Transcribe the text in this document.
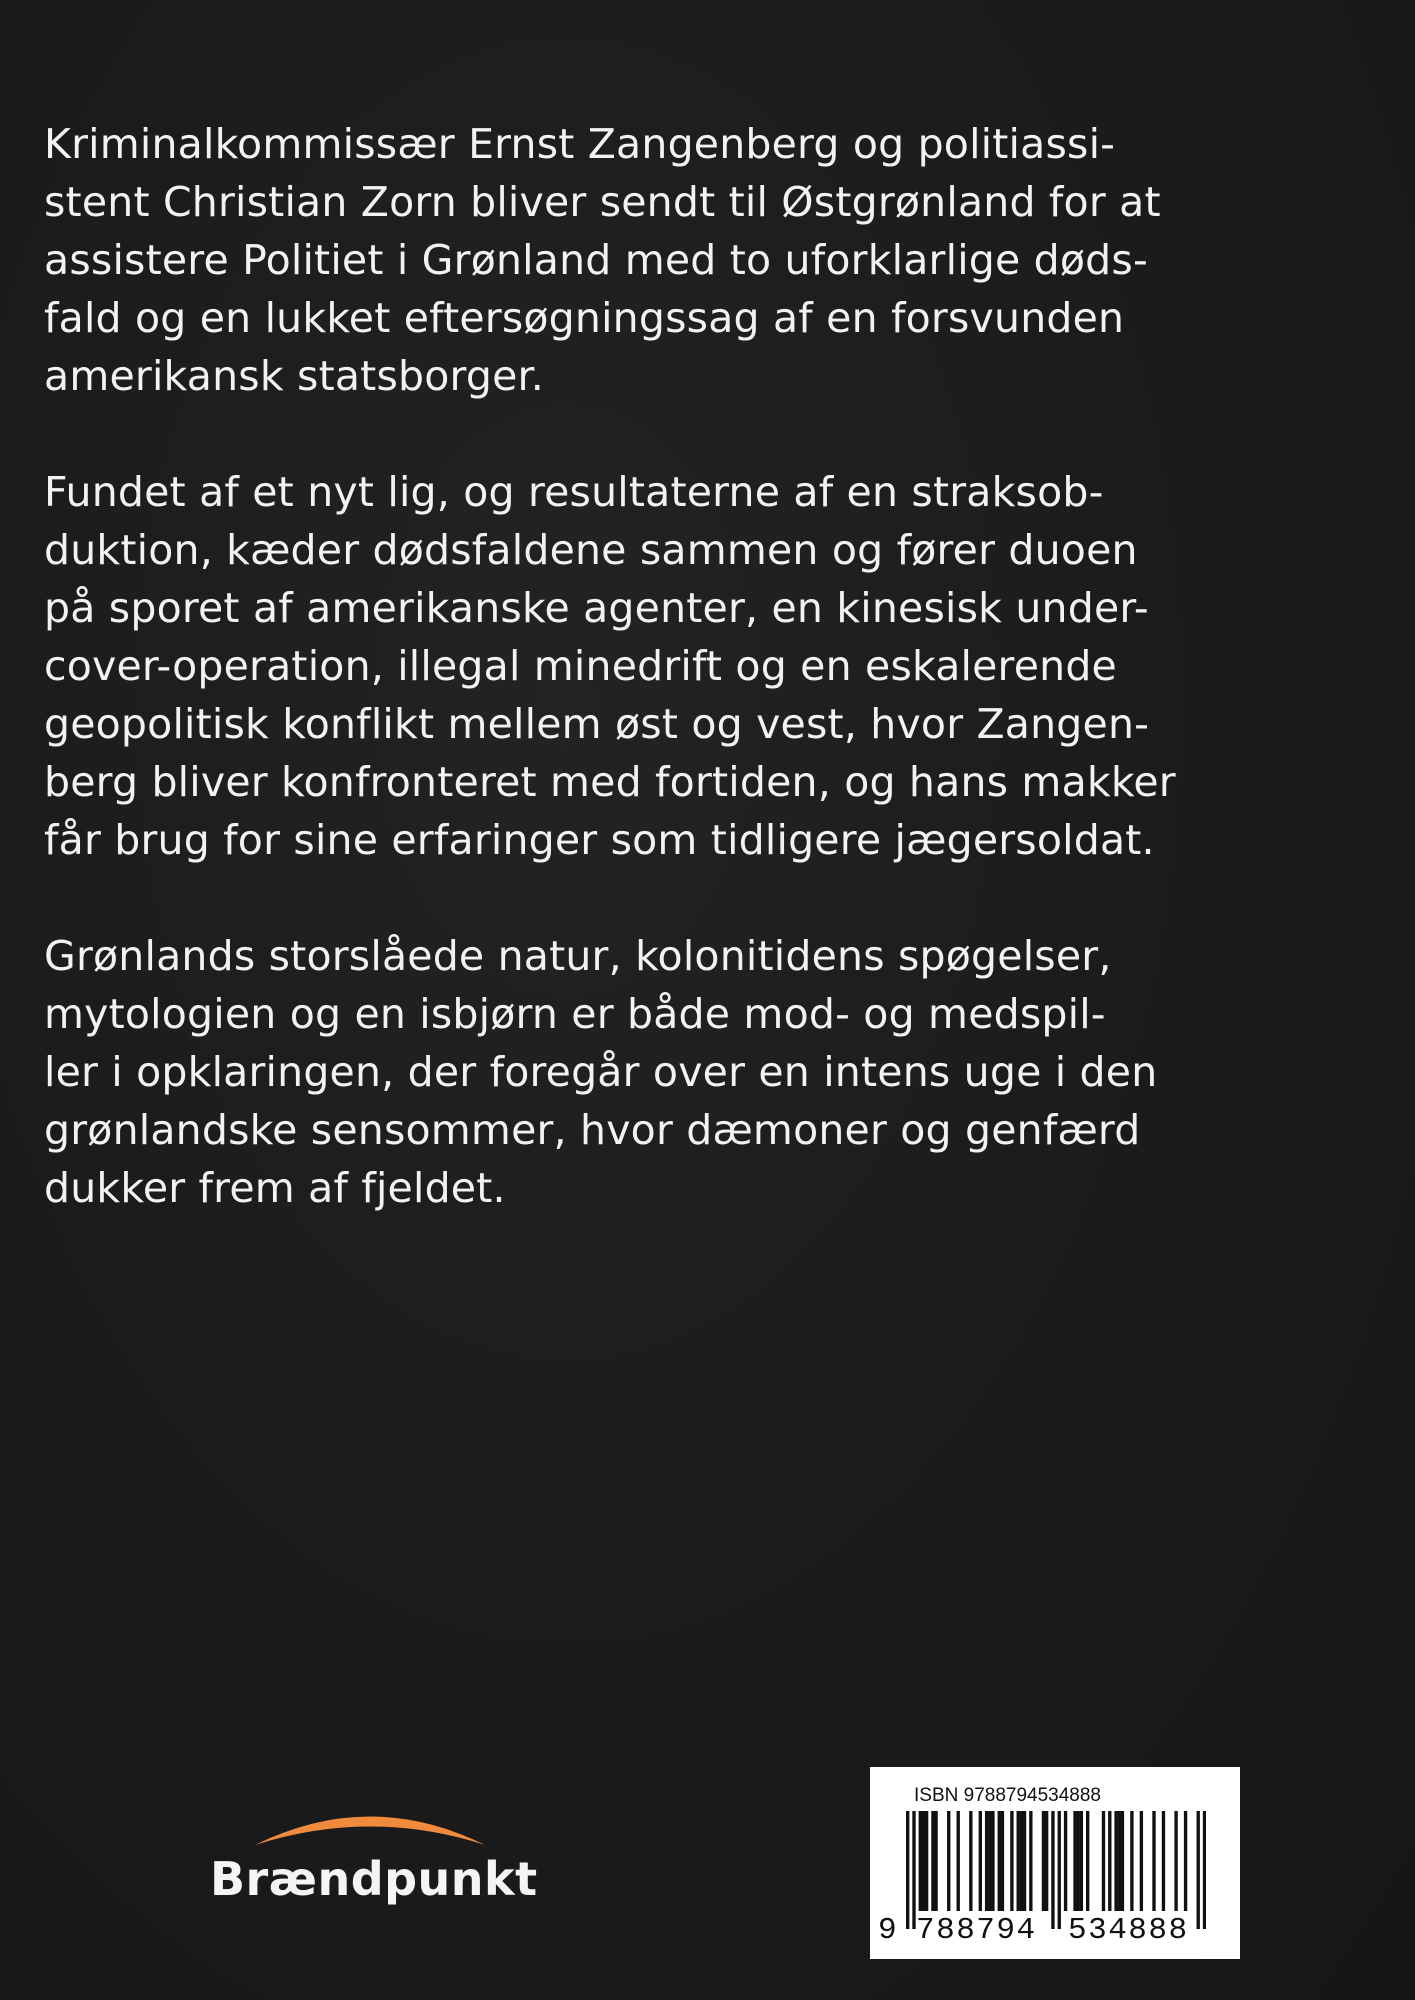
Kriminalkommissær Ernst Zangenberg og politiassi-
stent Christian Zorn bliver sendt til Østgrønland for at
assistere Politiet i Grønland med to uforklarlige døds-
fald og en lukket eftersøgningssag af en forsvunden
amerikansk statsborger.

Fundet af et nyt lig, og resultaterne af en straksob-
duktion, kæder dødsfaldene sammen og fører duoen
på sporet af amerikanske agenter, en kinesisk under-
cover-operation, illegal minedrift og en eskalerende
geopolitisk konflikt mellem øst og vest, hvor Zangen-
berg bliver konfronteret med fortiden, og hans makker
får brug for sine erfaringer som tidligere jægersoldat.

Grønlands storslåede natur, kolonitidens spøgelser,
mytologien og en isbjørn er både mod- og medspil-
ler i opklaringen, der foregår over en intens uge i den
grønlandske sensommer, hvor dæmoner og genfærd
dukker frem af fjeldet.

Brændpunkt
ISBN 9788794534888
9 788794 534888
